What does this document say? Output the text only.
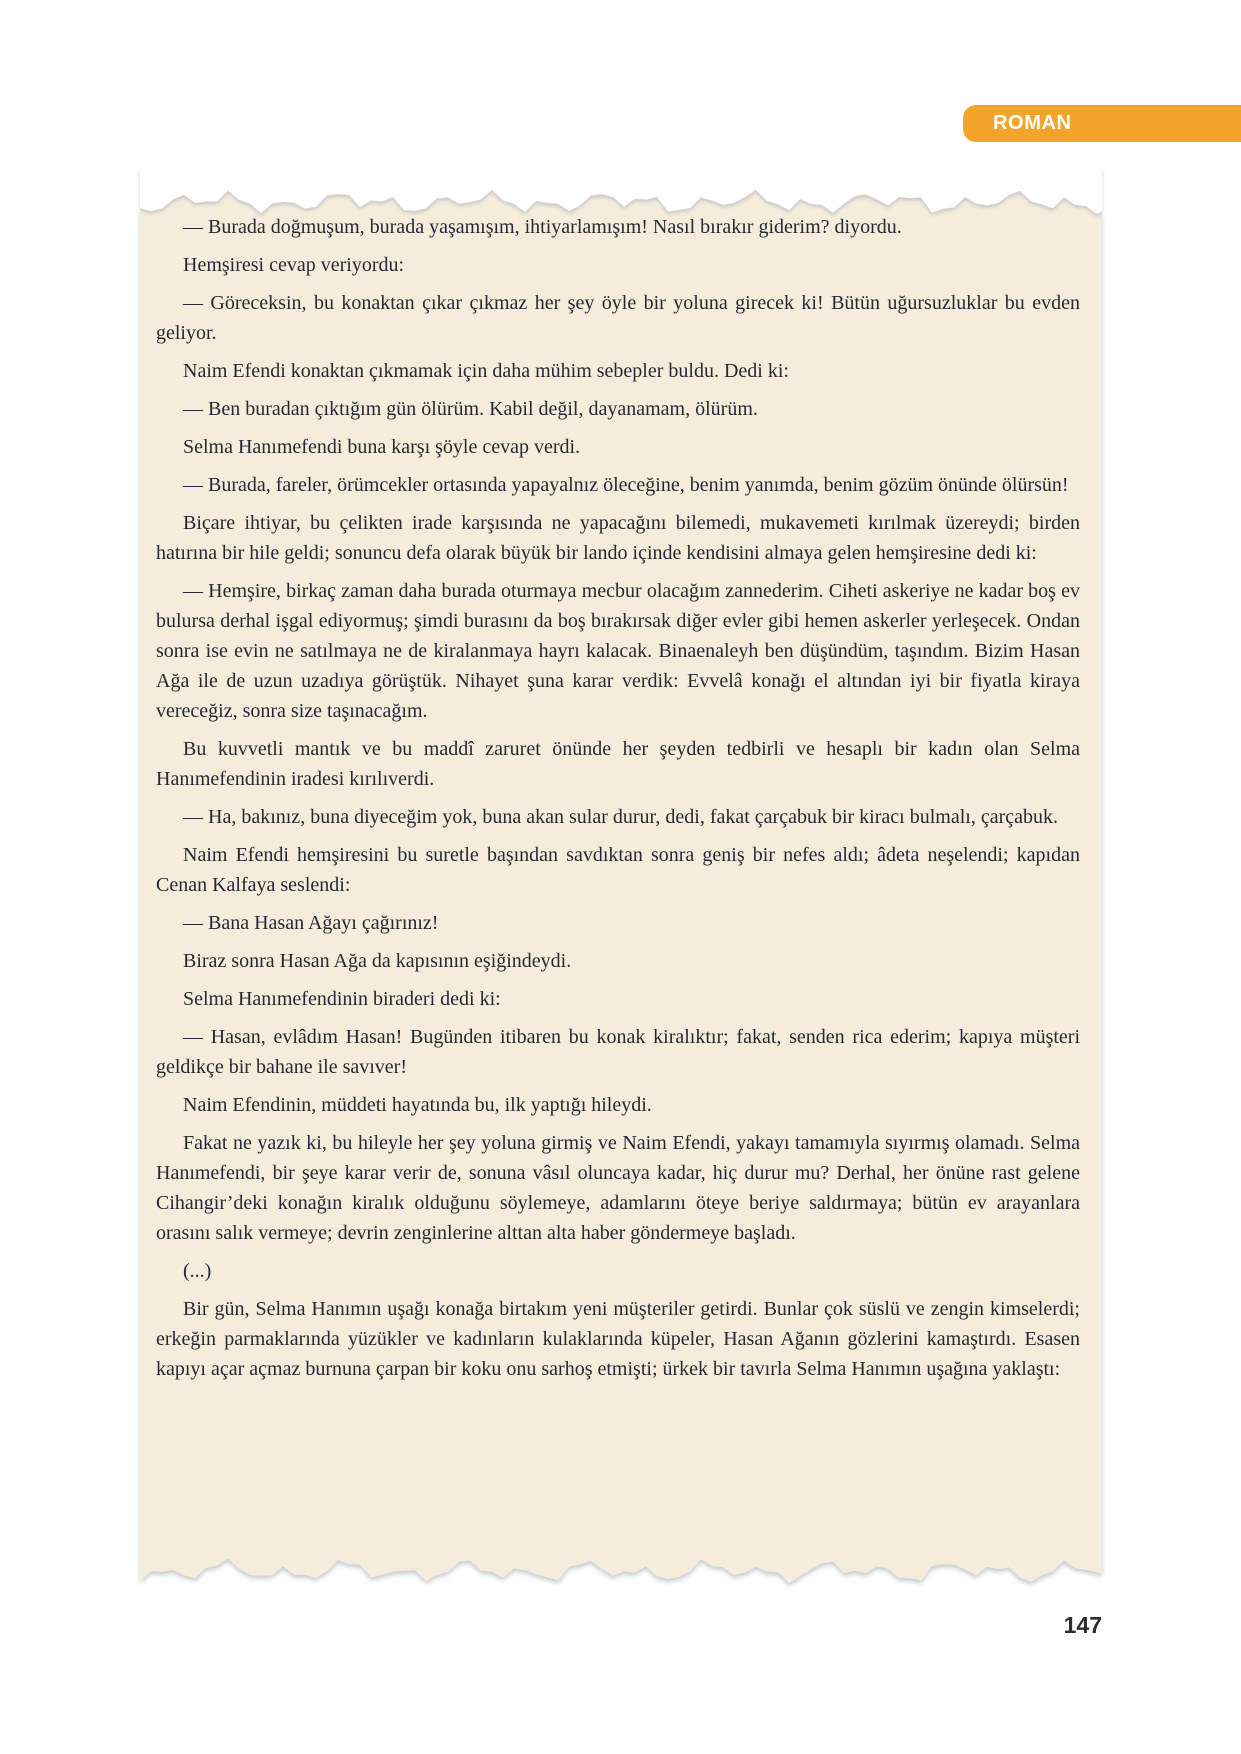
ROMAN

— Burada doğmuşum, burada yaşamışım, ihtiyarlamışım! Nasıl bırakır giderim? diyordu.

Hemşiresi cevap veriyordu:

— Göreceksin, bu konaktan çıkar çıkmaz her şey öyle bir yoluna girecek ki! Bütün uğursuzluklar bu evden geliyor.

Naim Efendi konaktan çıkmamak için daha mühim sebepler buldu. Dedi ki:

— Ben buradan çıktığım gün ölürüm. Kabil değil, dayanamam, ölürüm.

Selma Hanımefendi buna karşı şöyle cevap verdi.

— Burada, fareler, örümcekler ortasında yapayalnız öleceğine, benim yanımda, benim gözüm önünde ölürsün!

Biçare ihtiyar, bu çelikten irade karşısında ne yapacağını bilemedi, mukavemeti kırılmak üzereydi; birden hatırına bir hile geldi; sonuncu defa olarak büyük bir lando içinde kendisini almaya gelen hemşiresine dedi ki:

— Hemşire, birkaç zaman daha burada oturmaya mecbur olacağım zannederim. Ciheti askeriye ne kadar boş ev bulursa derhal işgal ediyormuş; şimdi burasını da boş bırakırsak diğer evler gibi hemen askerler yerleşecek. Ondan sonra ise evin ne satılmaya ne de kiralanmaya hayrı kalacak. Binaenaleyh ben düşündüm, taşındım. Bizim Hasan Ağa ile de uzun uzadıya görüştük. Nihayet şuna karar verdik: Evvelâ konağı el altından iyi bir fiyatla kiraya vereceğiz, sonra size taşınacağım.

Bu kuvvetli mantık ve bu maddî zaruret önünde her şeyden tedbirli ve hesaplı bir kadın olan Selma Hanımefendinin iradesi kırılıverdi.

— Ha, bakınız, buna diyeceğim yok, buna akan sular durur, dedi, fakat çarçabuk bir kiracı bulmalı, çarçabuk.

Naim Efendi hemşiresini bu suretle başından savdıktan sonra geniş bir nefes aldı; âdeta neşelendi; kapıdan Cenan Kalfaya seslendi:

— Bana Hasan Ağayı çağırınız!

Biraz sonra Hasan Ağa da kapısının eşiğindeydi.

Selma Hanımefendinin biraderi dedi ki:

— Hasan, evlâdım Hasan! Bugünden itibaren bu konak kiralıktır; fakat, senden rica ederim; kapıya müşteri geldikçe bir bahane ile savıver!

Naim Efendinin, müddeti hayatında bu, ilk yaptığı hileydi.

Fakat ne yazık ki, bu hileyle her şey yoluna girmiş ve Naim Efendi, yakayı tamamıyla sıyırmış olamadı. Selma Hanımefendi, bir şeye karar verir de, sonuna vâsıl oluncaya kadar, hiç durur mu? Derhal, her önüne rast gelene Cihangir’deki konağın kiralık olduğunu söylemeye, adamlarını öteye beriye saldırmaya; bütün ev arayanlara orasını salık vermeye; devrin zenginlerine alttan alta haber göndermeye başladı.

(...)

Bir gün, Selma Hanımın uşağı konağa birtakım yeni müşteriler getirdi. Bunlar çok süslü ve zengin kimselerdi; erkeğin parmaklarında yüzükler ve kadınların kulaklarında küpeler, Hasan Ağanın gözlerini kamaştırdı. Esasen kapıyı açar açmaz burnuna çarpan bir koku onu sarhoş etmişti; ürkek bir tavırla Selma Hanımın uşağına yaklaştı:

147
